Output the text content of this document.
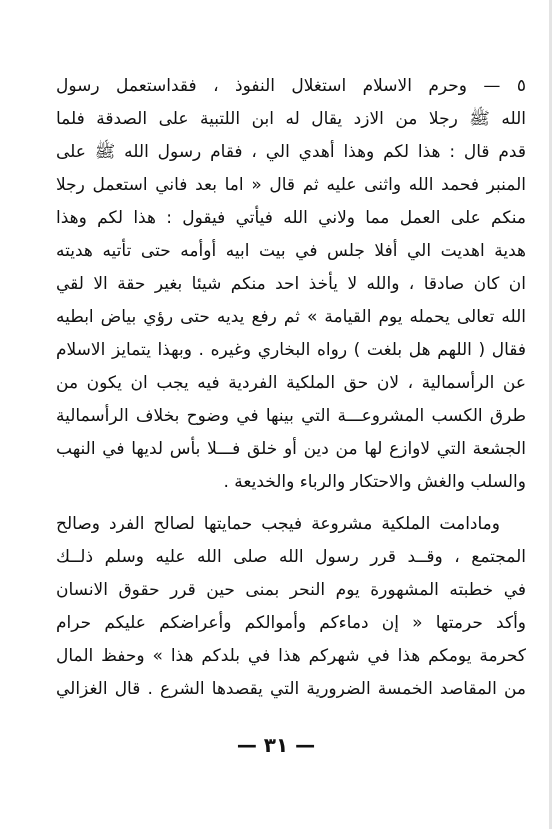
٥ — وحرم الاسلام استغلال النفوذ ، فقداستعمل رسول
الله ﷺ رجلا من الازد يقال له ابن اللتبية على الصدقة فلما
قدم قال : هذا لكم وهذا أهدي الي ، فقام رسول الله ﷺ على
المنبر فحمد الله واثنى عليه ثم قال « اما بعد فاني استعمل رجلا
منكم على العمل مما ولاني الله فيأتي فيقول : هذا لكم وهذا
هدية اهديت الي أفلا جلس في بيت ابيه أوأمه حتى تأتيه هديته
ان كان صادقا ، والله لا يأخذ احد منكم شيئا بغير حقة الا لقي
الله تعالى يحمله يوم القيامة » ثم رفع يديه حتى رؤي بياض ابطيه
فقال ( اللهم هل بلغت ) رواه البخاري وغيره . وبهذا يتمايز الاسلام
عن الرأسمالية ، لان حق الملكية الفردية فيه يجب ان يكون من
طرق الكسب المشروعـــة التي بينها في وضوح بخلاف الرأسمالية
الجشعة التي لاوازع لها من دين أو خلق فـــلا بأس لديها في النهب
والسلب والغش والاحتكار والرباء والخديعة .
ومادامت الملكية مشروعة فيجب حمايتها لصالح الفرد وصالح
المجتمع ، وقــد قرر رسول الله صلى الله عليه وسلم ذلــك
في خطبته المشهورة يوم النحر بمنى حين قرر حقوق الانسان
وأكد حرمتها « إن دماءكم وأموالكم وأعراضكم عليكم حرام
كحرمة يومكم هذا في شهركم هذا في بلدكم هذا » وحفظ المال
من المقاصد الخمسة الضرورية التي يقصدها الشرع . قال الغزالي
— ٣١ —
